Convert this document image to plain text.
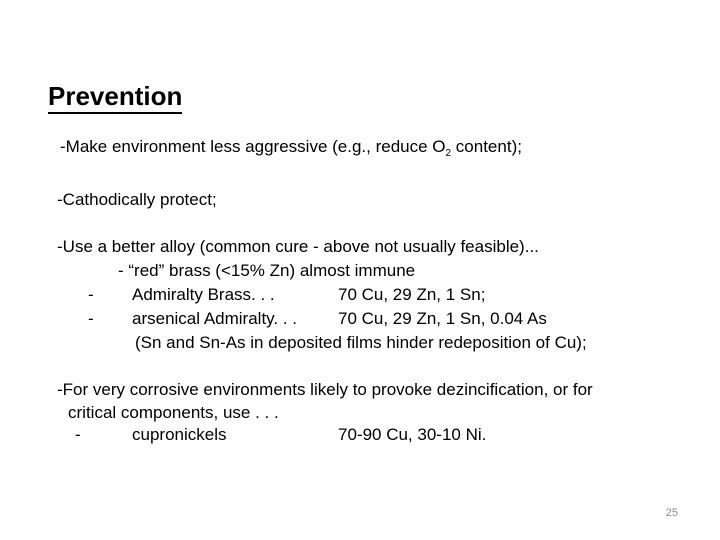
Prevention
-Make environment less aggressive (e.g., reduce $O_2$ content);
-Cathodically protect;
-Use a better alloy (common cure - above not usually feasible)...
- “red” brass (<15% Zn) almost immune
- Admiralty Brass. . .	70 Cu, 29 Zn, 1 Sn;
- arsenical Admiralty. . . 70 Cu, 29 Zn, 1 Sn, 0.04 As
(Sn and Sn-As in deposited films hinder redeposition of Cu);
-For very corrosive environments likely to provoke dezincification, or for
critical components, use . . .
-	cupronickels	70-90 Cu, 30-10 Ni.
25
